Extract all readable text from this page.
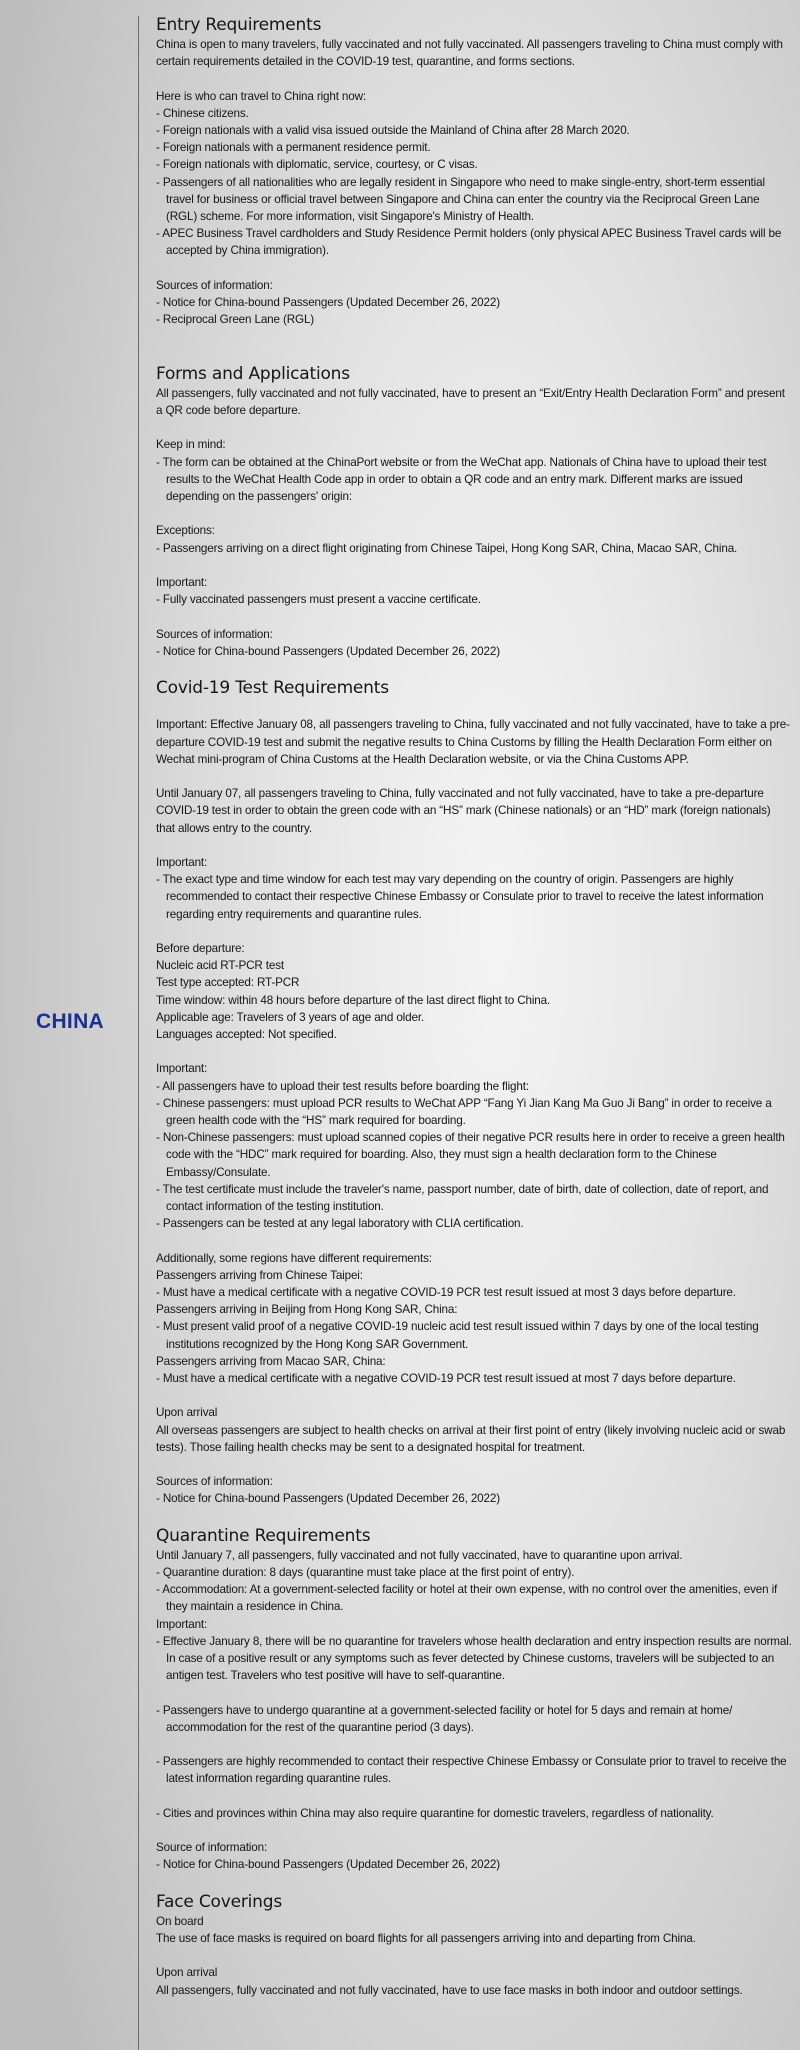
CHINA
Entry Requirements
China is open to many travelers, fully vaccinated and not fully vaccinated. All passengers traveling to China must comply with certain requirements detailed in the COVID-19 test, quarantine, and forms sections.
Here is who can travel to China right now:
- Chinese citizens.
- Foreign nationals with a valid visa issued outside the Mainland of China after 28 March 2020.
- Foreign nationals with a permanent residence permit.
- Foreign nationals with diplomatic, service, courtesy, or C visas.
- Passengers of all nationalities who are legally resident in Singapore who need to make single-entry, short-term essential travel for business or official travel between Singapore and China can enter the country via the Reciprocal Green Lane (RGL) scheme. For more information, visit Singapore's Ministry of Health.
- APEC Business Travel cardholders and Study Residence Permit holders (only physical APEC Business Travel cards will be accepted by China immigration).
Sources of information:
- Notice for China-bound Passengers (Updated December 26, 2022)
- Reciprocal Green Lane (RGL)
Forms and Applications
All passengers, fully vaccinated and not fully vaccinated, have to present an “Exit/Entry Health Declaration Form” and present a QR code before departure.
Keep in mind:
- The form can be obtained at the ChinaPort website or from the WeChat app. Nationals of China have to upload their test results to the WeChat Health Code app in order to obtain a QR code and an entry mark. Different marks are issued depending on the passengers' origin:
Exceptions:
- Passengers arriving on a direct flight originating from Chinese Taipei, Hong Kong SAR, China, Macao SAR, China.
Important:
- Fully vaccinated passengers must present a vaccine certificate.
Sources of information:
- Notice for China-bound Passengers (Updated December 26, 2022)
Covid-19 Test Requirements
Important: Effective January 08, all passengers traveling to China, fully vaccinated and not fully vaccinated, have to take a pre-departure COVID-19 test and submit the negative results to China Customs by filling the Health Declaration Form either on Wechat mini-program of China Customs at the Health Declaration website, or via the China Customs APP.
Until January 07, all passengers traveling to China, fully vaccinated and not fully vaccinated, have to take a pre-departure COVID-19 test in order to obtain the green code with an “HS” mark (Chinese nationals) or an “HD” mark (foreign nationals) that allows entry to the country.
Important:
- The exact type and time window for each test may vary depending on the country of origin. Passengers are highly recommended to contact their respective Chinese Embassy or Consulate prior to travel to receive the latest information regarding entry requirements and quarantine rules.
Before departure:
Nucleic acid RT-PCR test
Test type accepted: RT-PCR
Time window: within 48 hours before departure of the last direct flight to China.
Applicable age: Travelers of 3 years of age and older.
Languages accepted: Not specified.
Important:
- All passengers have to upload their test results before boarding the flight:
- Chinese passengers: must upload PCR results to WeChat APP “Fang Yi Jian Kang Ma Guo Ji Bang” in order to receive a green health code with the “HS” mark required for boarding.
- Non-Chinese passengers: must upload scanned copies of their negative PCR results here in order to receive a green health code with the “HDC” mark required for boarding. Also, they must sign a health declaration form to the Chinese Embassy/Consulate.
- The test certificate must include the traveler's name, passport number, date of birth, date of collection, date of report, and contact information of the testing institution.
- Passengers can be tested at any legal laboratory with CLIA certification.
Additionally, some regions have different requirements:
Passengers arriving from Chinese Taipei:
- Must have a medical certificate with a negative COVID-19 PCR test result issued at most 3 days before departure.
Passengers arriving in Beijing from Hong Kong SAR, China:
- Must present valid proof of a negative COVID-19 nucleic acid test result issued within 7 days by one of the local testing institutions recognized by the Hong Kong SAR Government.
Passengers arriving from Macao SAR, China:
- Must have a medical certificate with a negative COVID-19 PCR test result issued at most 7 days before departure.
Upon arrival
All overseas passengers are subject to health checks on arrival at their first point of entry (likely involving nucleic acid or swab tests). Those failing health checks may be sent to a designated hospital for treatment.
Sources of information:
- Notice for China-bound Passengers (Updated December 26, 2022)
Quarantine Requirements
Until January 7, all passengers, fully vaccinated and not fully vaccinated, have to quarantine upon arrival.
- Quarantine duration: 8 days (quarantine must take place at the first point of entry).
- Accommodation: At a government-selected facility or hotel at their own expense, with no control over the amenities, even if they maintain a residence in China.
Important:
- Effective January 8, there will be no quarantine for travelers whose health declaration and entry inspection results are normal. In case of a positive result or any symptoms such as fever detected by Chinese customs, travelers will be subjected to an antigen test. Travelers who test positive will have to self-quarantine.
- Passengers have to undergo quarantine at a government-selected facility or hotel for 5 days and remain at home/ accommodation for the rest of the quarantine period (3 days).
- Passengers are highly recommended to contact their respective Chinese Embassy or Consulate prior to travel to receive the latest information regarding quarantine rules.
- Cities and provinces within China may also require quarantine for domestic travelers, regardless of nationality.
Source of information:
- Notice for China-bound Passengers (Updated December 26, 2022)
Face Coverings
On board
The use of face masks is required on board flights for all passengers arriving into and departing from China.
Upon arrival
All passengers, fully vaccinated and not fully vaccinated, have to use face masks in both indoor and outdoor settings.
